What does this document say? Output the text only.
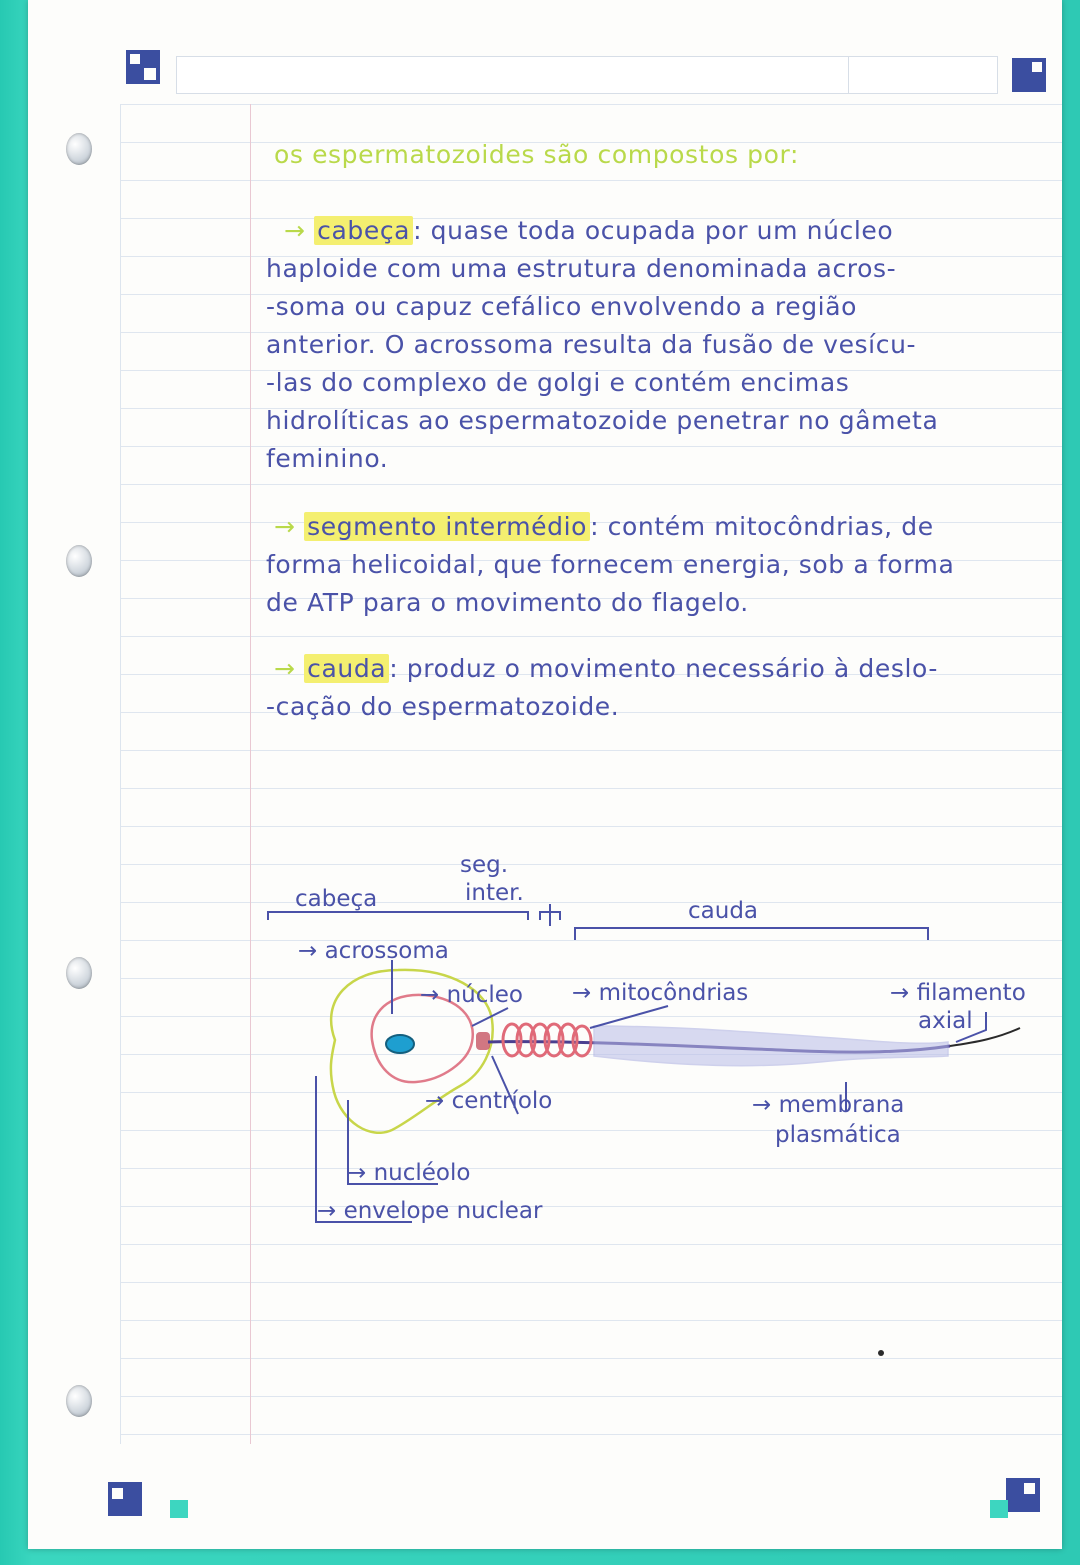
os espermatozoides são compostos por:
→ cabeça : quase toda ocupada por um núcleo
haploide com uma estrutura denominada acros-
-soma ou capuz cefálico envolvendo a região
anterior. O acrossoma resulta da fusão de vesícu-
-las do complexo de golgi e contém encimas
hidrolíticas ao espermatozoide penetrar no gâmeta
feminino.
→ segmento intermédio : contém mitocôndrias, de
forma helicoidal, que fornecem energia, sob a forma
de ATP para o movimento do flagelo.
→ cauda : produz o movimento necessário à deslo-
-cação do espermatozoide.
cabeça
seg.
inter.
cauda
→ acrossoma
→ núcleo → mitocôndrias	→ filamento
axial
→ centríolo	→ membrana
plasmática
→ nucléolo
→ envelope nuclear
